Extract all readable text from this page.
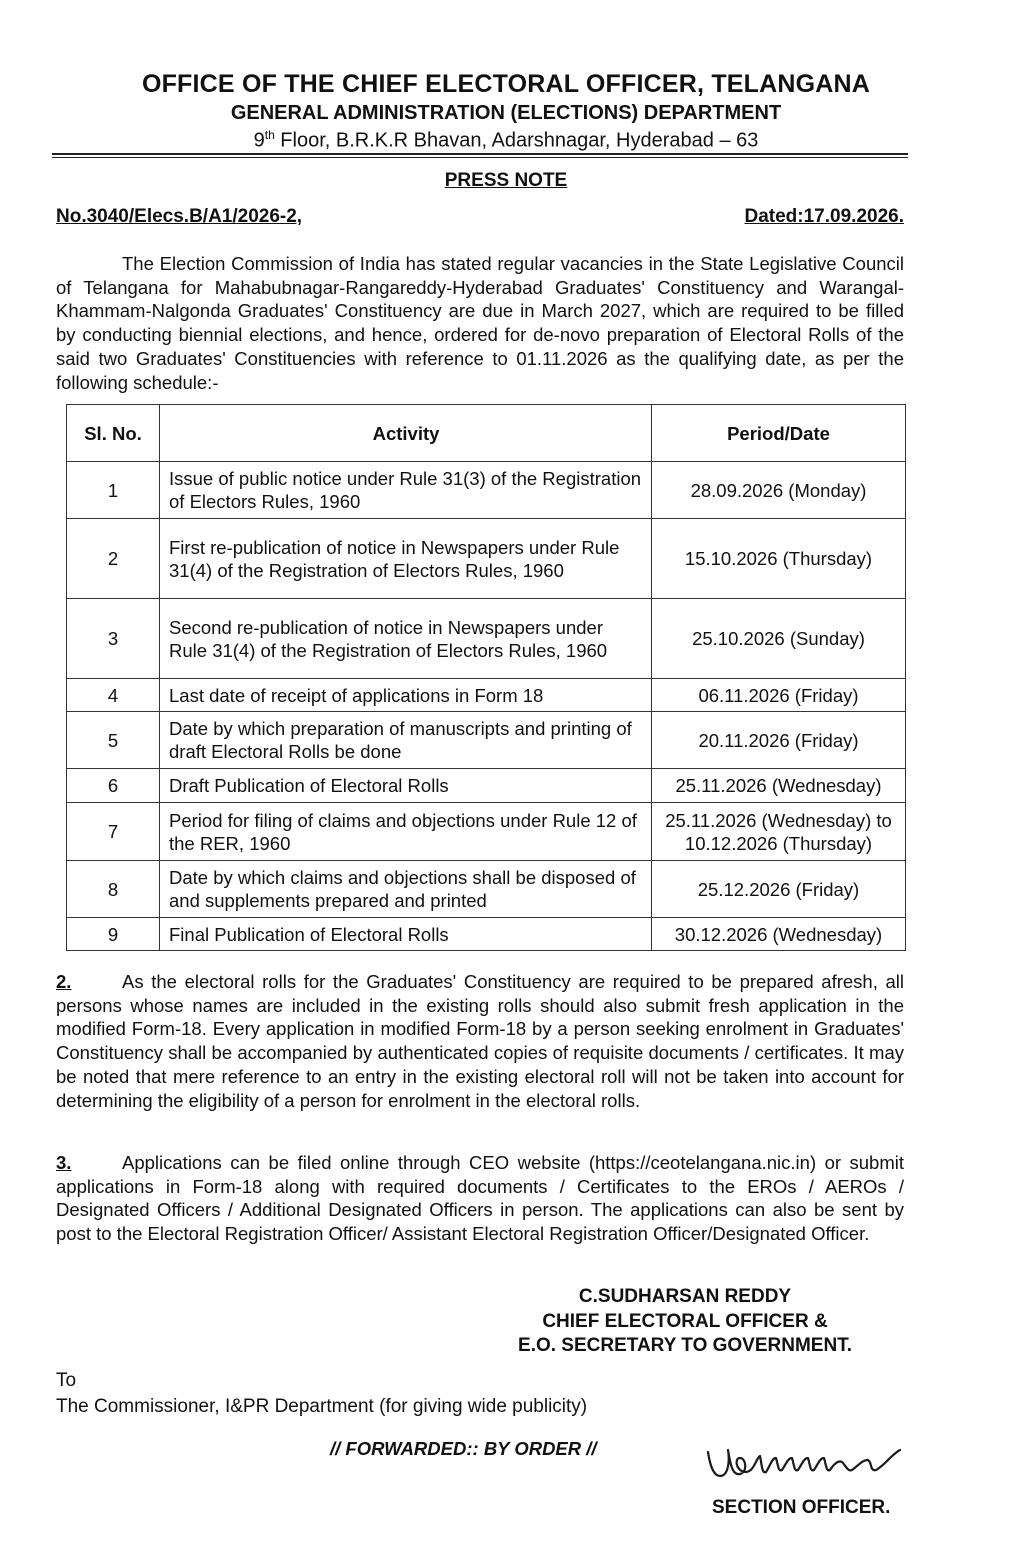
OFFICE OF THE CHIEF ELECTORAL OFFICER, TELANGANA
GENERAL ADMINISTRATION (ELECTIONS) DEPARTMENT
9th Floor, B.R.K.R Bhavan, Adarshnagar, Hyderabad – 63
PRESS NOTE
No.3040/Elecs.B/A1/2026-2,	Dated:17.09.2026.
The Election Commission of India has stated regular vacancies in the State Legislative Council of Telangana for Mahabubnagar-Rangareddy-Hyderabad Graduates' Constituency and Warangal-Khammam-Nalgonda Graduates' Constituency are due in March 2027, which are required to be filled by conducting biennial elections, and hence, ordered for de-novo preparation of Electoral Rolls of the said two Graduates' Constituencies with reference to 01.11.2026 as the qualifying date, as per the following schedule:-
Sl. No.	Activity	Period/Date
1	Issue of public notice under Rule 31(3) of the Registration of Electors Rules, 1960	28.09.2026 (Monday)
2	First re-publication of notice in Newspapers under Rule 31(4) of the Registration of Electors Rules, 1960	15.10.2026 (Thursday)
3	Second re-publication of notice in Newspapers under Rule 31(4) of the Registration of Electors Rules, 1960	25.10.2026 (Sunday)
4	Last date of receipt of applications in Form 18	06.11.2026 (Friday)
5	Date by which preparation of manuscripts and printing of draft Electoral Rolls be done	20.11.2026 (Friday)
6	Draft Publication of Electoral Rolls	25.11.2026 (Wednesday)
7	Period for filing of claims and objections under Rule 12 of the RER, 1960	25.11.2026 (Wednesday) to 10.12.2026 (Thursday)
8	Date by which claims and objections shall be disposed of and supplements prepared and printed	25.12.2026 (Friday)
9	Final Publication of Electoral Rolls	30.12.2026 (Wednesday)
2.	As the electoral rolls for the Graduates' Constituency are required to be prepared afresh, all persons whose names are included in the existing rolls should also submit fresh application in the modified Form-18. Every application in modified Form-18 by a person seeking enrolment in Graduates' Constituency shall be accompanied by authenticated copies of requisite documents / certificates. It may be noted that mere reference to an entry in the existing electoral roll will not be taken into account for determining the eligibility of a person for enrolment in the electoral rolls.
3.	Applications can be filed online through CEO website (https://ceotelangana.nic.in) or submit applications in Form-18 along with required documents / Certificates to the EROs / AEROs / Designated Officers / Additional Designated Officers in person. The applications can also be sent by post to the Electoral Registration Officer/ Assistant Electoral Registration Officer/Designated Officer.
C.SUDHARSAN REDDY
CHIEF ELECTORAL OFFICER &
E.O. SECRETARY TO GOVERNMENT.
To
The Commissioner, I&PR Department (for giving wide publicity)
// FORWARDED:: BY ORDER //
SECTION OFFICER.
